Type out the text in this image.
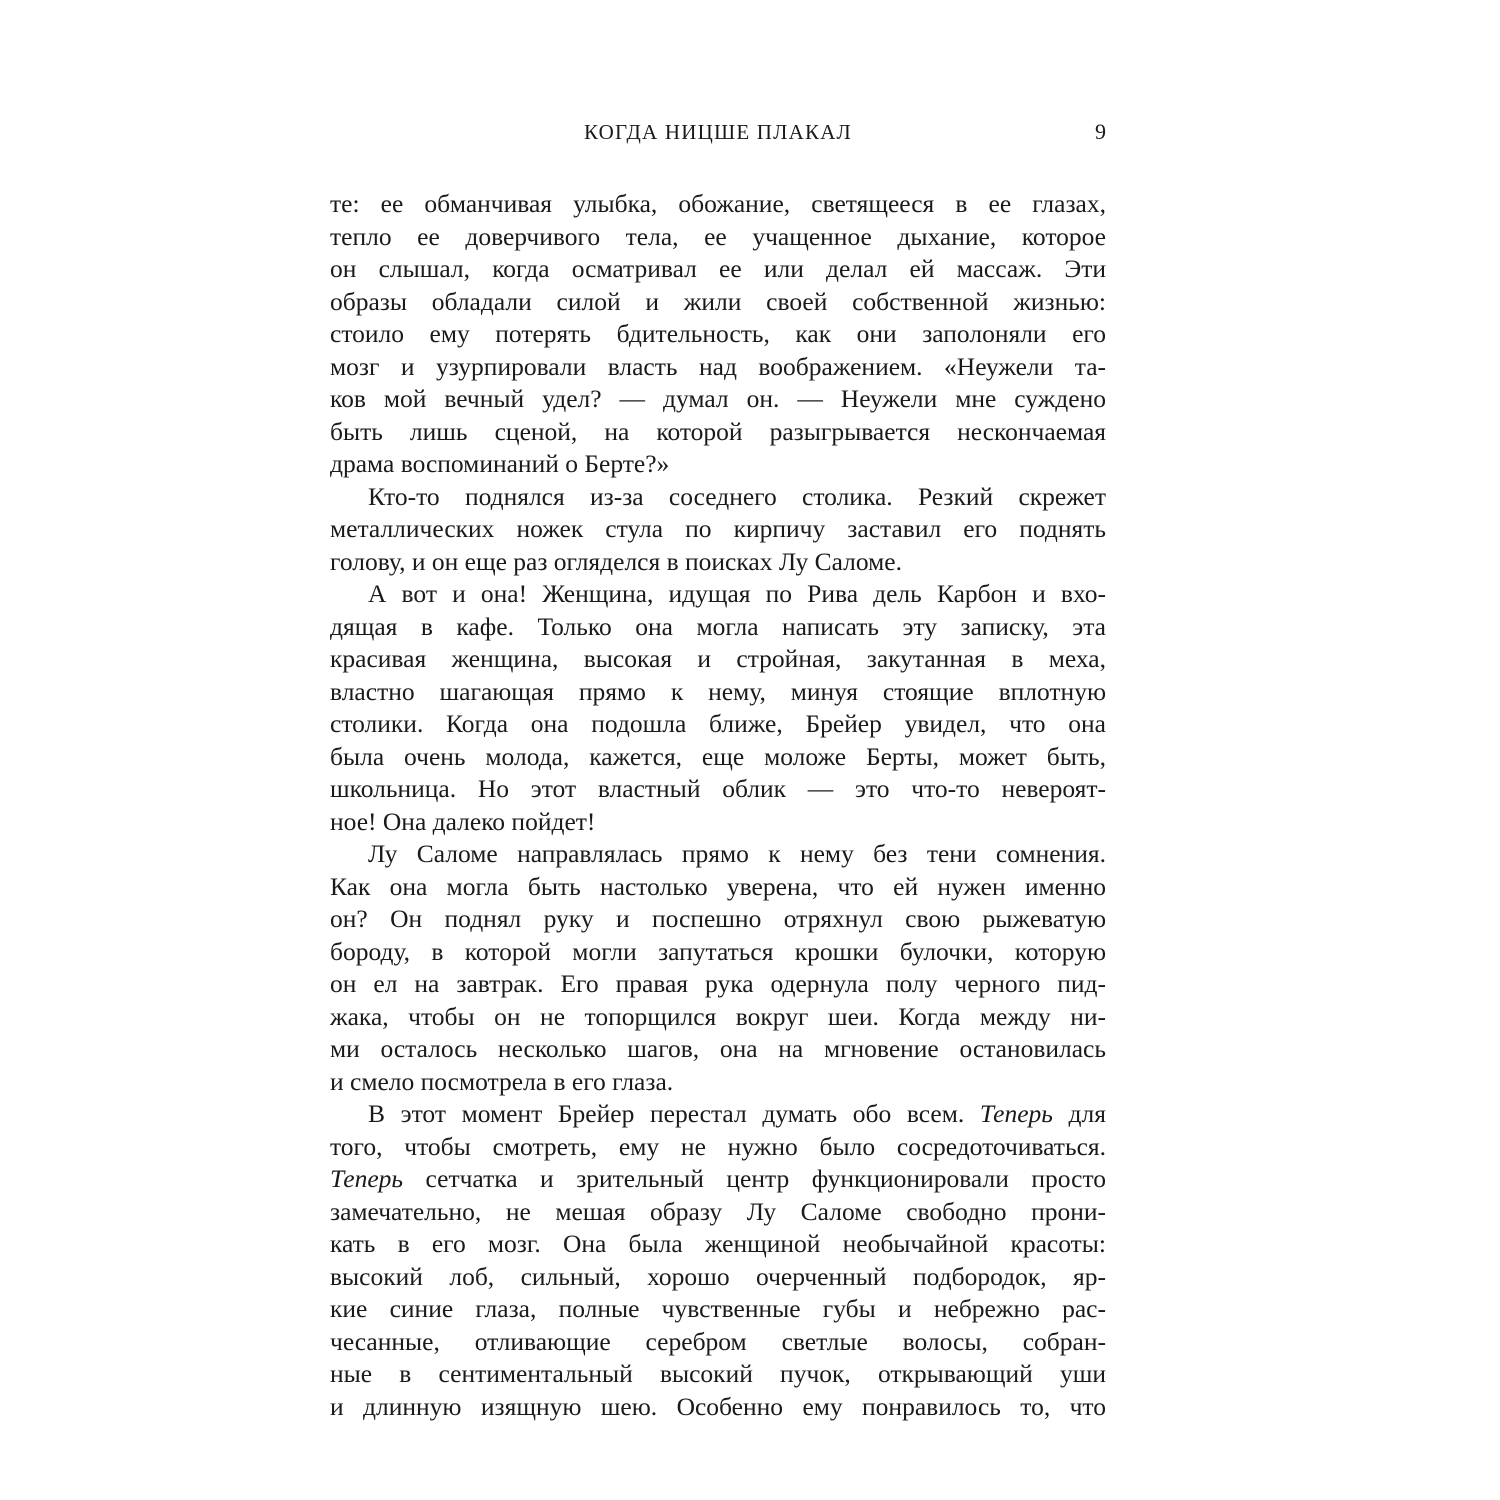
КОГДА НИЦШЕ ПЛАКАЛ	9
те: ее обманчивая улыбка, обожание, светящееся в ее глазах,
тепло ее доверчивого тела, ее учащенное дыхание, которое
он слышал, когда осматривал ее или делал ей массаж. Эти
образы обладали силой и жили своей собственной жизнью:
стоило ему потерять бдительность, как они заполоняли его
мозг и узурпировали власть над воображением. «Неужели та-
ков мой вечный удел? — думал он. — Неужели мне суждено
быть лишь сценой, на которой разыгрывается нескончаемая
драма воспоминаний о Берте?»
Кто-то поднялся из-за соседнего столика. Резкий скрежет
металлических ножек стула по кирпичу заставил его поднять
голову, и он еще раз огляделся в поисках Лу Саломе.
А вот и она! Женщина, идущая по Рива дель Карбон и вхо-
дящая в кафе. Только она могла написать эту записку, эта
красивая женщина, высокая и стройная, закутанная в меха,
властно шагающая прямо к нему, минуя стоящие вплотную
столики. Когда она подошла ближе, Брейер увидел, что она
была очень молода, кажется, еще моложе Берты, может быть,
школьница. Но этот властный облик — это что-то невероят-
ное! Она далеко пойдет!
Лу Саломе направлялась прямо к нему без тени сомнения.
Как она могла быть настолько уверена, что ей нужен именно
он? Он поднял руку и поспешно отряхнул свою рыжеватую
бороду, в которой могли запутаться крошки булочки, которую
он ел на завтрак. Его правая рука одернула полу черного пид-
жака, чтобы он не топорщился вокруг шеи. Когда между ни-
ми осталось несколько шагов, она на мгновение остановилась
и смело посмотрела в его глаза.
В этот момент Брейер перестал думать обо всем. Теперь для
того, чтобы смотреть, ему не нужно было сосредоточиваться.
Теперь сетчатка и зрительный центр функционировали просто
замечательно, не мешая образу Лу Саломе свободно прони-
кать в его мозг. Она была женщиной необычайной красоты:
высокий лоб, сильный, хорошо очерченный подбородок, яр-
кие синие глаза, полные чувственные губы и небрежно рас-
чесанные, отливающие серебром светлые волосы, собран-
ные в сентиментальный высокий пучок, открывающий уши
и длинную изящную шею. Особенно ему понравилось то, что
